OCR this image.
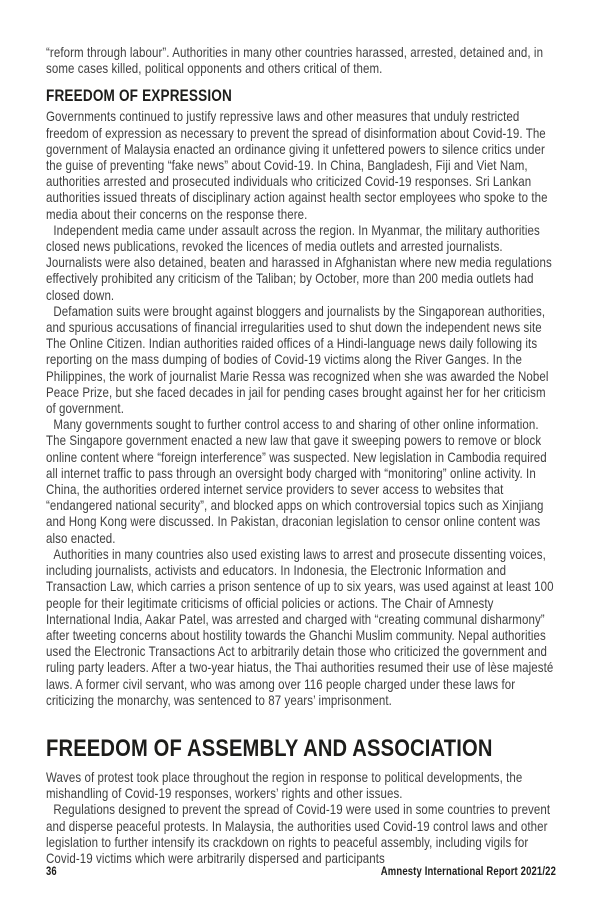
“reform through labour”. Authorities in many other countries harassed, arrested, detained and, in some cases killed, political opponents and others critical of them.

FREEDOM OF EXPRESSION

Governments continued to justify repressive laws and other measures that unduly restricted freedom of expression as necessary to prevent the spread of disinformation about Covid-19. The government of Malaysia enacted an ordinance giving it unfettered powers to silence critics under the guise of preventing “fake news” about Covid-19. In China, Bangladesh, Fiji and Viet Nam, authorities arrested and prosecuted individuals who criticized Covid-19 responses. Sri Lankan authorities issued threats of disciplinary action against health sector employees who spoke to the media about their concerns on the response there.

Independent media came under assault across the region. In Myanmar, the military authorities closed news publications, revoked the licences of media outlets and arrested journalists. Journalists were also detained, beaten and harassed in Afghanistan where new media regulations effectively prohibited any criticism of the Taliban; by October, more than 200 media outlets had closed down.

Defamation suits were brought against bloggers and journalists by the Singaporean authorities, and spurious accusations of financial irregularities used to shut down the independent news site The Online Citizen. Indian authorities raided offices of a Hindi-language news daily following its reporting on the mass dumping of bodies of Covid-19 victims along the River Ganges. In the Philippines, the work of journalist Marie Ressa was recognized when she was awarded the Nobel Peace Prize, but she faced decades in jail for pending cases brought against her for her criticism of government.

Many governments sought to further control access to and sharing of other online information. The Singapore government enacted a new law that gave it sweeping powers to remove or block online content where “foreign interference” was suspected. New legislation in Cambodia required all internet traffic to pass through an oversight body charged with “monitoring” online activity. In China, the authorities ordered internet service providers to sever access to websites that “endangered national security”, and blocked apps on which controversial topics such as Xinjiang and Hong Kong were discussed. In Pakistan, draconian legislation to censor online content was also enacted.

Authorities in many countries also used existing laws to arrest and prosecute dissenting voices, including journalists, activists and educators. In Indonesia, the Electronic Information and Transaction Law, which carries a prison sentence of up to six years, was used against at least 100 people for their legitimate criticisms of official policies or actions. The Chair of Amnesty International India, Aakar Patel, was arrested and charged with “creating communal disharmony” after tweeting concerns about hostility towards the Ghanchi Muslim community. Nepal authorities used the Electronic Transactions Act to arbitrarily detain those who criticized the government and ruling party leaders. After a two-year hiatus, the Thai authorities resumed their use of lèse majesté laws. A former civil servant, who was among over 116 people charged under these laws for criticizing the monarchy, was sentenced to 87 years’ imprisonment.

FREEDOM OF ASSEMBLY AND ASSOCIATION

Waves of protest took place throughout the region in response to political developments, the mishandling of Covid-19 responses, workers’ rights and other issues.

Regulations designed to prevent the spread of Covid-19 were used in some countries to prevent and disperse peaceful protests. In Malaysia, the authorities used Covid-19 control laws and other legislation to further intensify its crackdown on rights to peaceful assembly, including vigils for Covid-19 victims which were arbitrarily dispersed and participants

36	Amnesty International Report 2021/22
